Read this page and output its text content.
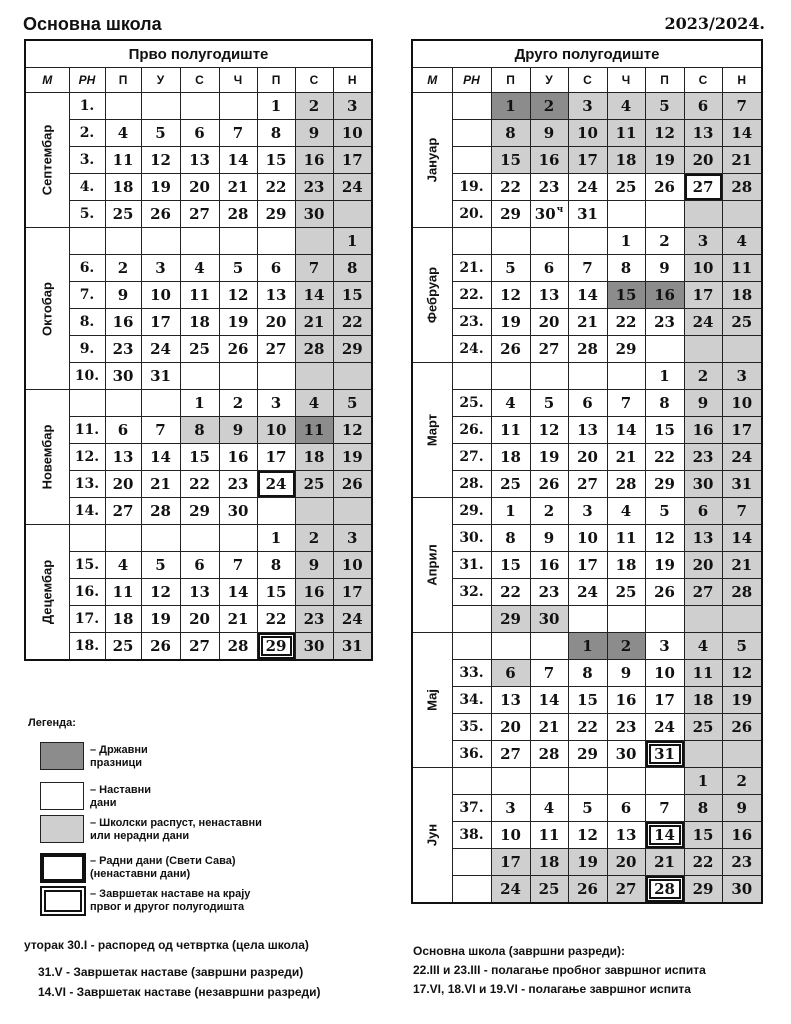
Основна школа	2023/2024.
Прво полугодиште								
М	РН	П	У	С	Ч	П	С	Н

Септембар	1.					1	2	3
	2.	4	5	6	7	8	9	10
	3.	11	12	13	14	15	16	17
	4.	18	19	20	21	22	23	24
	5.	25	26	27	28	29	30	

Октобар								1
	6.	2	3	4	5	6	7	8
	7.	9	10	11	12	13	14	15
	8.	16	17	18	19	20	21	22
	9.	23	24	25	26	27	28	29
	10.	30	31					

Новембар				1	2	3	4	5
	11.	6	7	8	9	10	11	12
	12.	13	14	15	16	17	18	19
	13.	20	21	22	23	24	25	26
	14.	27	28	29	30			

Децембар						1	2	3
	15.	4	5	6	7	8	9	10
	16.	11	12	13	14	15	16	17
	17.	18	19	20	21	22	23	24
	18.	25	26	27	28	29	30	31
Друго полугодиште								
М	РН	П	У	С	Ч	П	С	Н

Јануар		1	2	3	4	5	6	7
		8	9	10	11	12	13	14
		15	16	17	18	19	20	21
	19.	22	23	24	25	26	27	28
	20.	29	$30^ч$	31				

Фебруар					1	2	3	4
	21.	5	6	7	8	9	10	11
	22.	12	13	14	15	16	17	18
	23.	19	20	21	22	23	24	25
	24.	26	27	28	29			

Март						1	2	3
	25.	4	5	6	7	8	9	10
	26.	11	12	13	14	15	16	17
	27.	18	19	20	21	22	23	24
	28.	25	26	27	28	29	30	31

Април	29.	1	2	3	4	5	6	7
	30.	8	9	10	11	12	13	14
	31.	15	16	17	18	19	20	21
	32.	22	23	24	25	26	27	28
		29	30					

Мај				1	2	3	4	5
	33.	6	7	8	9	10	11	12
	34.	13	14	15	16	17	18	19
	35.	20	21	22	23	24	25	26
	36.	27	28	29	30	31		

Јун							1	2
	37.	3	4	5	6	7	8	9
	38.	10	11	12	13	14	15	16
		17	18	19	20	21	22	23
		24	25	26	27	28	29	30
Легенда:
– Државни
празници
– Наставни
дани
– Школски распуст, ненаставни
или нерадни дани
– Радни дани (Свети Сава)
(ненаставни дани)
– Завршетак наставе на крају
првог и другог полугодишта
уторак 30.I - распоред од четвртка (цела школа)
31.V - Завршетак наставе (завршни разреди)
14.VI - Завршетак наставе (незавршни разреди)
Основна школа (завршни разреди):
22.III и 23.III - полагање пробног завршног испита
17.VI, 18.VI и 19.VI - полагање завршног испита
